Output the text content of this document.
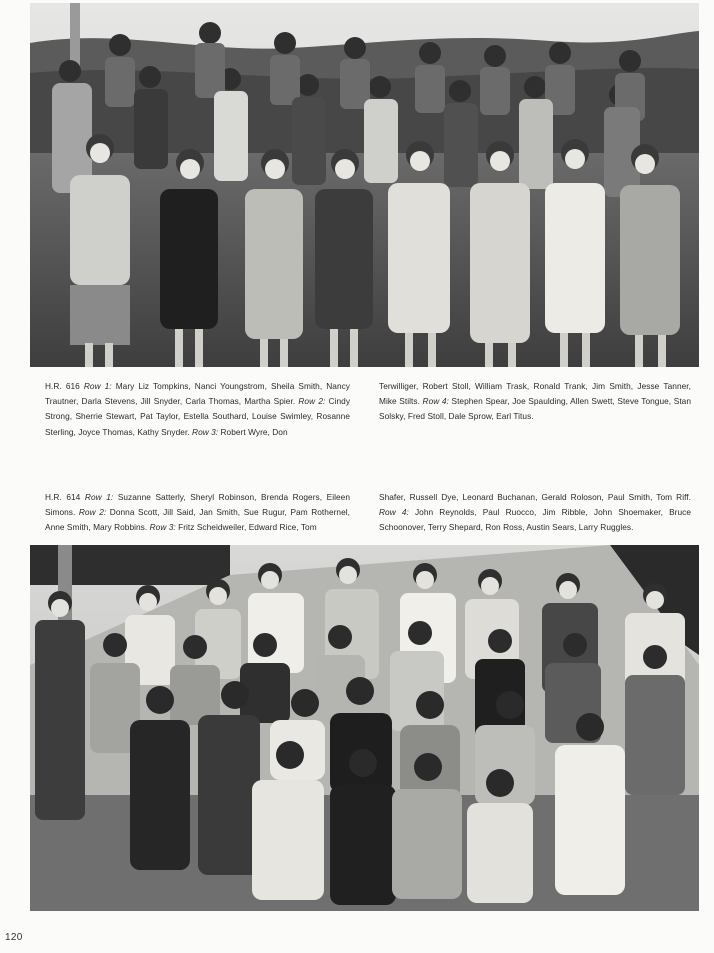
H.R. 616 Row 1: Mary Liz Tompkins, Nanci Youngstrom, Sheila Smith, Nancy Trautner, Darla Stevens, Jill Snyder, Carla Thomas, Martha Spier. Row 2: Cindy Strong, Sherrie Stewart, Pat Taylor, Estella Southard, Louise Swimley, Rosanne Sterling, Joyce Thomas, Kathy Snyder. Row 3: Robert Wyre, Don
Terwilliger, Robert Stoll, William Trask, Ronald Trank, Jim Smith, Jesse Tanner, Mike Stilts. Row 4: Stephen Spear, Joe Spaulding, Allen Swett, Steve Tongue, Stan Solsky, Fred Stoll, Dale Sprow, Earl Titus.
H.R. 614 Row 1: Suzanne Satterly, Sheryl Robinson, Brenda Rogers, Eileen Simons. Row 2: Donna Scott, Jill Said, Jan Smith, Sue Rugur, Pam Rothernel, Anne Smith, Mary Robbins. Row 3: Fritz Scheidweiler, Edward Rice, Tom
Shafer, Russell Dye, Leonard Buchanan, Gerald Roloson, Paul Smith, Tom Riff. Row 4: John Reynolds, Paul Ruocco, Jim Ribble, John Shoemaker, Bruce Schoonover, Terry Shepard, Ron Ross, Austin Sears, Larry Ruggles.
120
